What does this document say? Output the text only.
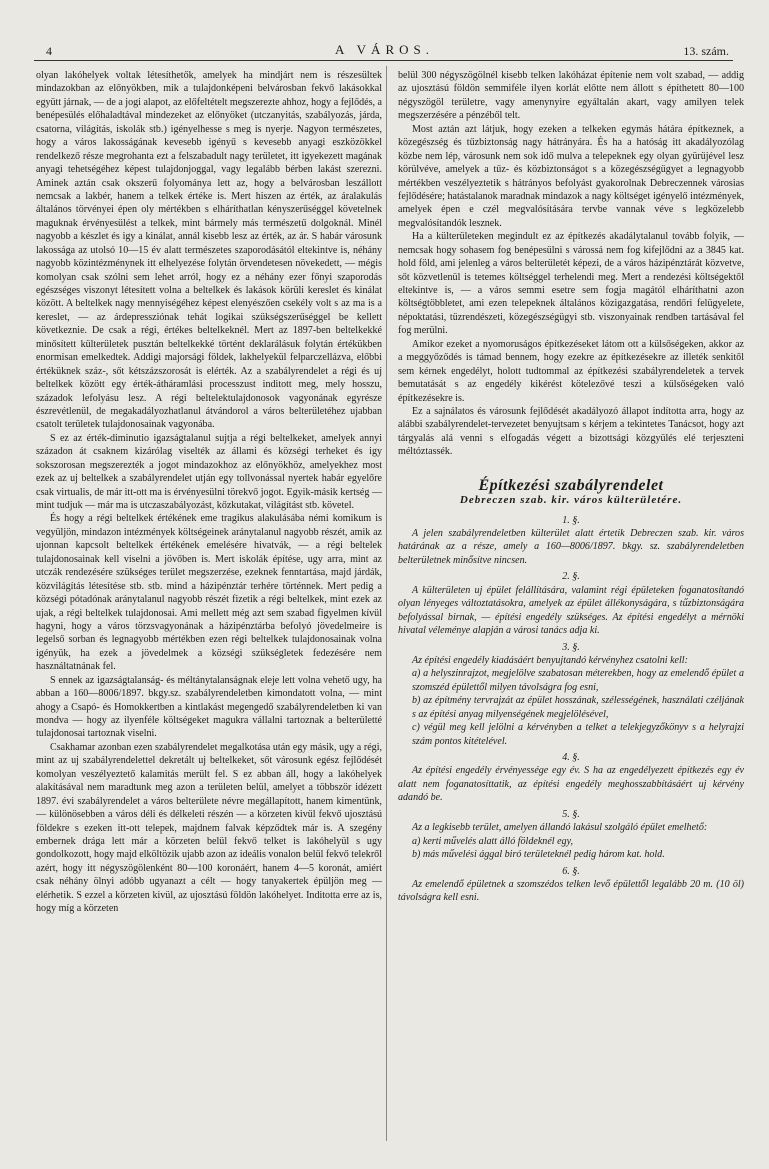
4	A VÁROS.	13. szám.

olyan lakóhelyek voltak létesíthetők, amelyek ha mindjárt nem is részesültek mindazokban az előnyökben, mik a tulajdonképeni belvárosban fekvő lakásokkal együtt járnak, — de a jogi alapot, az előfeltételt megszerezte ahhoz, hogy a fejlődés, a benépesülés előhaladtával mindezeket az előnyöket (utczanyitás, szabályozás, járda, csatorna, világítás, iskolák stb.) igényelhesse s meg is nyerje. Nagyon természetes, hogy a város lakosságának kevesebb igényű s kevesebb anyagi eszközökkel rendelkező része megrohanta ezt a felszabadult nagy területet, itt igyekezett magának anyagi tehetségéhez képest tulajdonjoggal, vagy legalább bérben lakást szerezni. Aminek aztán csak okszerű folyománya lett az, hogy a belvárosban leszállott nemcsak a lakbér, hanem a telkek értéke is. Mert hiszen az érték, az áralakulás általános törvényei épen oly mértékben s elháríthatlan kényszerűséggel követelnek maguknak érvényesülést a telkek, mint bármely más természetű dolgoknál. Minél nagyobb a készlet és igy a kinálat, annál kisebb lesz az érték, az ár. S habár városunk lakossága az utolsó 10—15 év alatt természetes szaporodásától eltekintve is, néhány nagyobb közintézménynek itt elhelyezése folytán örvendetesen növekedett, — mégis komolyan csak szólni sem lehet arról, hogy ez a néhány ezer főnyi szaporodás egészséges viszonyt létesített volna a beltelkek és lakások körüli kereslet és kinálat között. A beltelkek nagy mennyiségéhez képest elenyészően csekély volt s az ma is a kereslet, — az árdepressziónak tehát logikai szükségszerűséggel be kellett következnie. De csak a régi, értékes beltelkeknél. Mert az 1897-ben beltelkekké minősített külterületek pusztán beltelkekké történt deklarálásuk folytán értékükben enormisan emelkedtek. Addigi majorsági földek, lakhelyekül felparczellázva, előbbi értéküknek száz-, sőt kétszázszorosát is elérték. Az a szabályrendelet a régi és uj beltelkek között egy érték-átháramlási processzust inditott meg, mely hosszu, századok lefolyásu lesz. A régi beltelektulajdonosok vagyonának egyrésze észrevétlenül, de megakadályozhatlanul átvándorol a város belterületéhez ujabban csatolt területek tulajdonosainak vagyonába.

S ez az érték-diminutio igazságtalanul sujtja a régi beltelkeket, amelyek annyi századon át csaknem kizárólag viselték az állami és községi terheket és igy sokszorosan megszerezték a jogot mindazokhoz az előnyökhöz, amelyekhez most ezek az uj beltelkek a szabályrendelet utján egy tollvonással nyertek habár egyelőre csak virtualis, de már itt-ott ma is érvényesülni törekvő jogot. Egyik-másik kertség — mint tudjuk — már ma is utczaszabályozást, kőzkutakat, világítást stb. követel.

És hogy a régi beltelkek értékének eme tragikus alakulásába némi komikum is vegyüljön, mindazon intézmények költségeinek aránytalanul nagyobb részét, amik az ujonnan kapcsolt beltelkek értékének emelésére hivatvák, — a régi beltelek tulajdonosainak kell viselni a jövőben is. Mert iskolák építése, ugy arra, mint az utczák rendezésére szükséges terület megszerzése, ezeknek fenntartása, majd járdák, közvilágítás létesítése stb. stb. mind a házipénztár terhére történnek. Mert pedig a községi pótadónak aránytalanul nagyobb részét fizetik a régi beltelkek, mint ezek az ujak, a régi beltelkek tulajdonosai. Ami mellett még azt sem szabad figyelmen kívül hagyni, hogy a város törzsvagyonának a házipénztárba befolyó jövedelmeire is legelső sorban és legnagyobb mértékben ezen régi beltelkek tulajdonosainak volna igényük, ha ezek a jövedelmek a községi szükségletek fedezésére nem használtatnának fel.

S ennek az igazságtalanság- és méltánytalanságnak eleje lett volna vehető ugy, ha abban a 160—8006/1897. bkgy.sz. szabályrendeletben kimondatott volna, — mint ahogy a Csapó- és Homokkertben a kintlakást megengedő szabályrendeletben ki van mondva — hogy az ilyenféle költségeket magukra vállalni tartoznak a belterületté tulajdonosai tartoznak viselni.

Csakhamar azonban ezen szabályrendelet megalkotása után egy másik, ugy a régi, mint az uj szabályrendelettel dekretált uj beltelkeket, sőt városunk egész fejlődését komolyan veszélyeztető kalamitás merült fel. S ez abban áll, hogy a lakóhelyek alakításával nem maradtunk meg azon a területen belül, amelyet a többször idézett 1897. évi szabályrendelet a város belterülete névre megállapított, hanem kimentünk, — különösebben a város déli és délkeleti részén — a körzeten kivül fekvő ujosztású földekre s ezeken itt-ott telepek, majdnem falvak képződtek már is. A szegény embernek drága lett már a körzeten belül fekvő telket is lakóhelyül s ugy gondolkozott, hogy majd elköltözik ujabb azon az ideális vonalon belül fekvő telekről azért, hogy itt négyszögölenként 80—100 koronáért, hanem 4—5 koronát, amiért csak néhány ölnyi adóbb ugyanazt a célt — hogy tanyakertek épüljön meg — elérhetik. S ezzel a körzeten kivül, az ujosztású földön lakóhelyet. Inditotta erre az is, hogy míg a körzeten

belül 300 négyszögölnél kisebb telken lakóházat építenie nem volt szabad, — addig az ujosztású földön semmiféle ilyen korlát előtte nem állott s építhetett 80—100 négyszögöl területre, vagy amenynyire egyáltalán akart, vagy amilyen telek megszerzésére a pénzéből telt.

Most aztán azt látjuk, hogy ezeken a telkeken egymás hátára építkeznek, a közegészség és tűzbiztonság nagy hátrányára. És ha a hatóság itt akadályozólag közbe nem lép, városunk nem sok idő mulva a telepeknek egy olyan gyürüjével lesz körülvéve, amelyek a tűz- és közbiztonságot s a közegészségügyet a legnagyobb mértékben veszélyeztetik s hátrányos befolyást gyakorolnak Debreczennek városias fejlődésére; hatástalanok maradnak mindazok a nagy költséget igényelő intézmények, amelyek épen e czél megvalósítására tervbe vannak véve s legközelebb megvalósítandók lesznek.

Ha a külterületeken megindult ez az építkezés akadálytalanul tovább folyik, — nemcsak hogy sohasem fog benépesülni s várossá nem fog kifejlődni az a 3845 kat. hold föld, ami jelenleg a város belterületét képezi, de a város házipénztárát közvetve, sőt közvetlenül is tetemes költséggel terhelendi meg. Mert a rendezési költségektől eltekintve is, — a város semmi esetre sem fogja magától elháríthatni azon költségtöbbletet, ami ezen telepeknek általános közigazgatása, rendőri felügyelete, népoktatási, tüzrendészeti, közegészségügyi stb. viszonyainak rendben tartásával fel fog merülni.

Amikor ezeket a nyomoruságos építkezéseket látom ott a külsőségeken, akkor az a meggyőződés is támad bennem, hogy ezekre az építkezésekre az illeték senkitől sem kérnek engedélyt, holott tudtommal az építkezési szabályrendeletek a tervek bemutatását s az engedély kikérést kötelezővé teszi a külsőségeken való építkezésekre is.

Ez a sajnálatos és városunk fejlődését akadályozó állapot indította arra, hogy az alábbi szabályrendelet-tervezetet benyujtsam s kérjem a tekintetes Tanácsot, hogy azt tárgyalás alá venni s elfogadás végett a bizottsági közgyülés elé terjeszteni méltóztassék.

Építkezési szabályrendelet
Debreczen szab. kir. város külterületére.
1. §.

A jelen szabályrendeletben külterület alatt értetik Debreczen szab. kir. város határának az a része, amely a 160—8006/1897. bkgy. sz. szabályrendeletben belterületnek minősítve nincsen.

2. §.

A külterületen uj épület felállítására, valamint régi épületeken foganatosítandó olyan lényeges változtatásokra, amelyek az épület állékonyságára, s tűzbiztonságára befolyással birnak, — építési engedély szükséges. Az építési engedélyt a mérnöki hivatal véleménye alapján a városi tanács adja ki.

3. §.

Az építési engedély kiadásáért benyujtandó kérvényhez csatolni kell:

a) a helyszinrajzot, megjelölve szabatosan méterekben, hogy az emelendő épület a szomszéd épülettől milyen távolságra fog esni,

b) az építmény tervrajzát az épület hosszának, szélességének, használati czéljának s az építési anyag milyenségének megjelölésével,

c) végül meg kell jelölni a kérvényben a telket a telekjegyzőkönyv s a helyrajzi szám pontos kitételével.

4. §.

Az építési engedély érvényessége egy év. S ha az engedélyezett építkezés egy év alatt nem foganatosíttatik, az építési engedély meghosszabbításáért uj kérvény adandó be.

5. §.

Az a legkisebb terület, amelyen állandó lakásul szolgáló épület emelhető:

a) kerti művelés alatt álló földeknél egy,

b) más művelési ággal biró területeknél pedig három kat. hold.

6. §.

Az emelendő épületnek a szomszédos telken levő épülettől legalább 20 m. (10 öl) távolságra kell esni.
